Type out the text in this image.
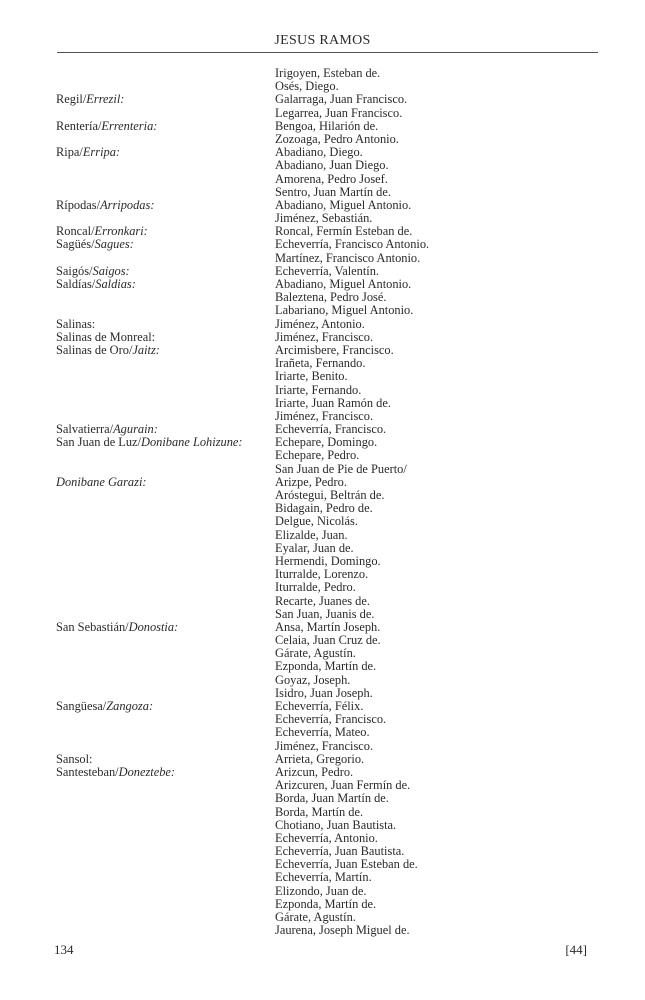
JESUS RAMOS
Irigoyen, Esteban de.
Osés, Diego.
Regil/Errezil:	Galarraga, Juan Francisco.
Legarrea, Juan Francisco.
Rentería/Errenteria:	Bengoa, Hilarión de.
Zozoaga, Pedro Antonio.
Ripa/Erripa:	Abadiano, Diego.
Abadiano, Juan Diego.
Amorena, Pedro Josef.
Sentro, Juan Martín de.
Rípodas/Arripodas:	Abadiano, Miguel Antonio.
Jiménez, Sebastián.
Roncal/Erronkari:	Roncal, Fermín Esteban de.
Sagüés/Sagues:	Echeverría, Francisco Antonio.
Martínez, Francisco Antonio.
Saigós/Saigos:	Echeverría, Valentín.
Saldías/Saldias:	Abadiano, Miguel Antonio.
Baleztena, Pedro José.
Labariano, Miguel Antonio.
Salinas:	Jiménez, Antonio.
Salinas de Monreal:	Jiménez, Francisco.
Salinas de Oro/Jaitz:	Arcimisbere, Francisco.
Irañeta, Fernando.
Iriarte, Benito.
Iriarte, Fernando.
Iriarte, Juan Ramón de.
Jiménez, Francisco.
Salvatierra/Agurain:	Echeverría, Francisco.
San Juan de Luz/Donibane Lohizune:	Echepare, Domingo.
Echepare, Pedro.
San Juan de Pie de Puerto/
Donibane Garazi:	Arizpe, Pedro.
Aróstegui, Beltrán de.
Bidagain, Pedro de.
Delgue, Nicolás.
Elizalde, Juan.
Eyalar, Juan de.
Hermendi, Domingo.
Iturralde, Lorenzo.
Iturralde, Pedro.
Recarte, Juanes de.
San Juan, Juanis de.
San Sebastián/Donostia:	Ansa, Martín Joseph.
Celaia, Juan Cruz de.
Gárate, Agustín.
Ezponda, Martín de.
Goyaz, Joseph.
Isidro, Juan Joseph.
Sangüesa/Zangoza:	Echeverría, Félix.
Echeverría, Francisco.
Echeverría, Mateo.
Jiménez, Francisco.
Sansol:	Arrieta, Gregorio.
Santesteban/Doneztebe:	Arizcun, Pedro.
Arizcuren, Juan Fermín de.
Borda, Juan Martín de.
Borda, Martín de.
Chotiano, Juan Bautista.
Echeverría, Antonio.
Echeverría, Juan Bautista.
Echeverría, Juan Esteban de.
Echeverría, Martín.
Elizondo, Juan de.
Ezponda, Martín de.
Gárate, Agustín.
Jaurena, Joseph Miguel de.
134	[44]
